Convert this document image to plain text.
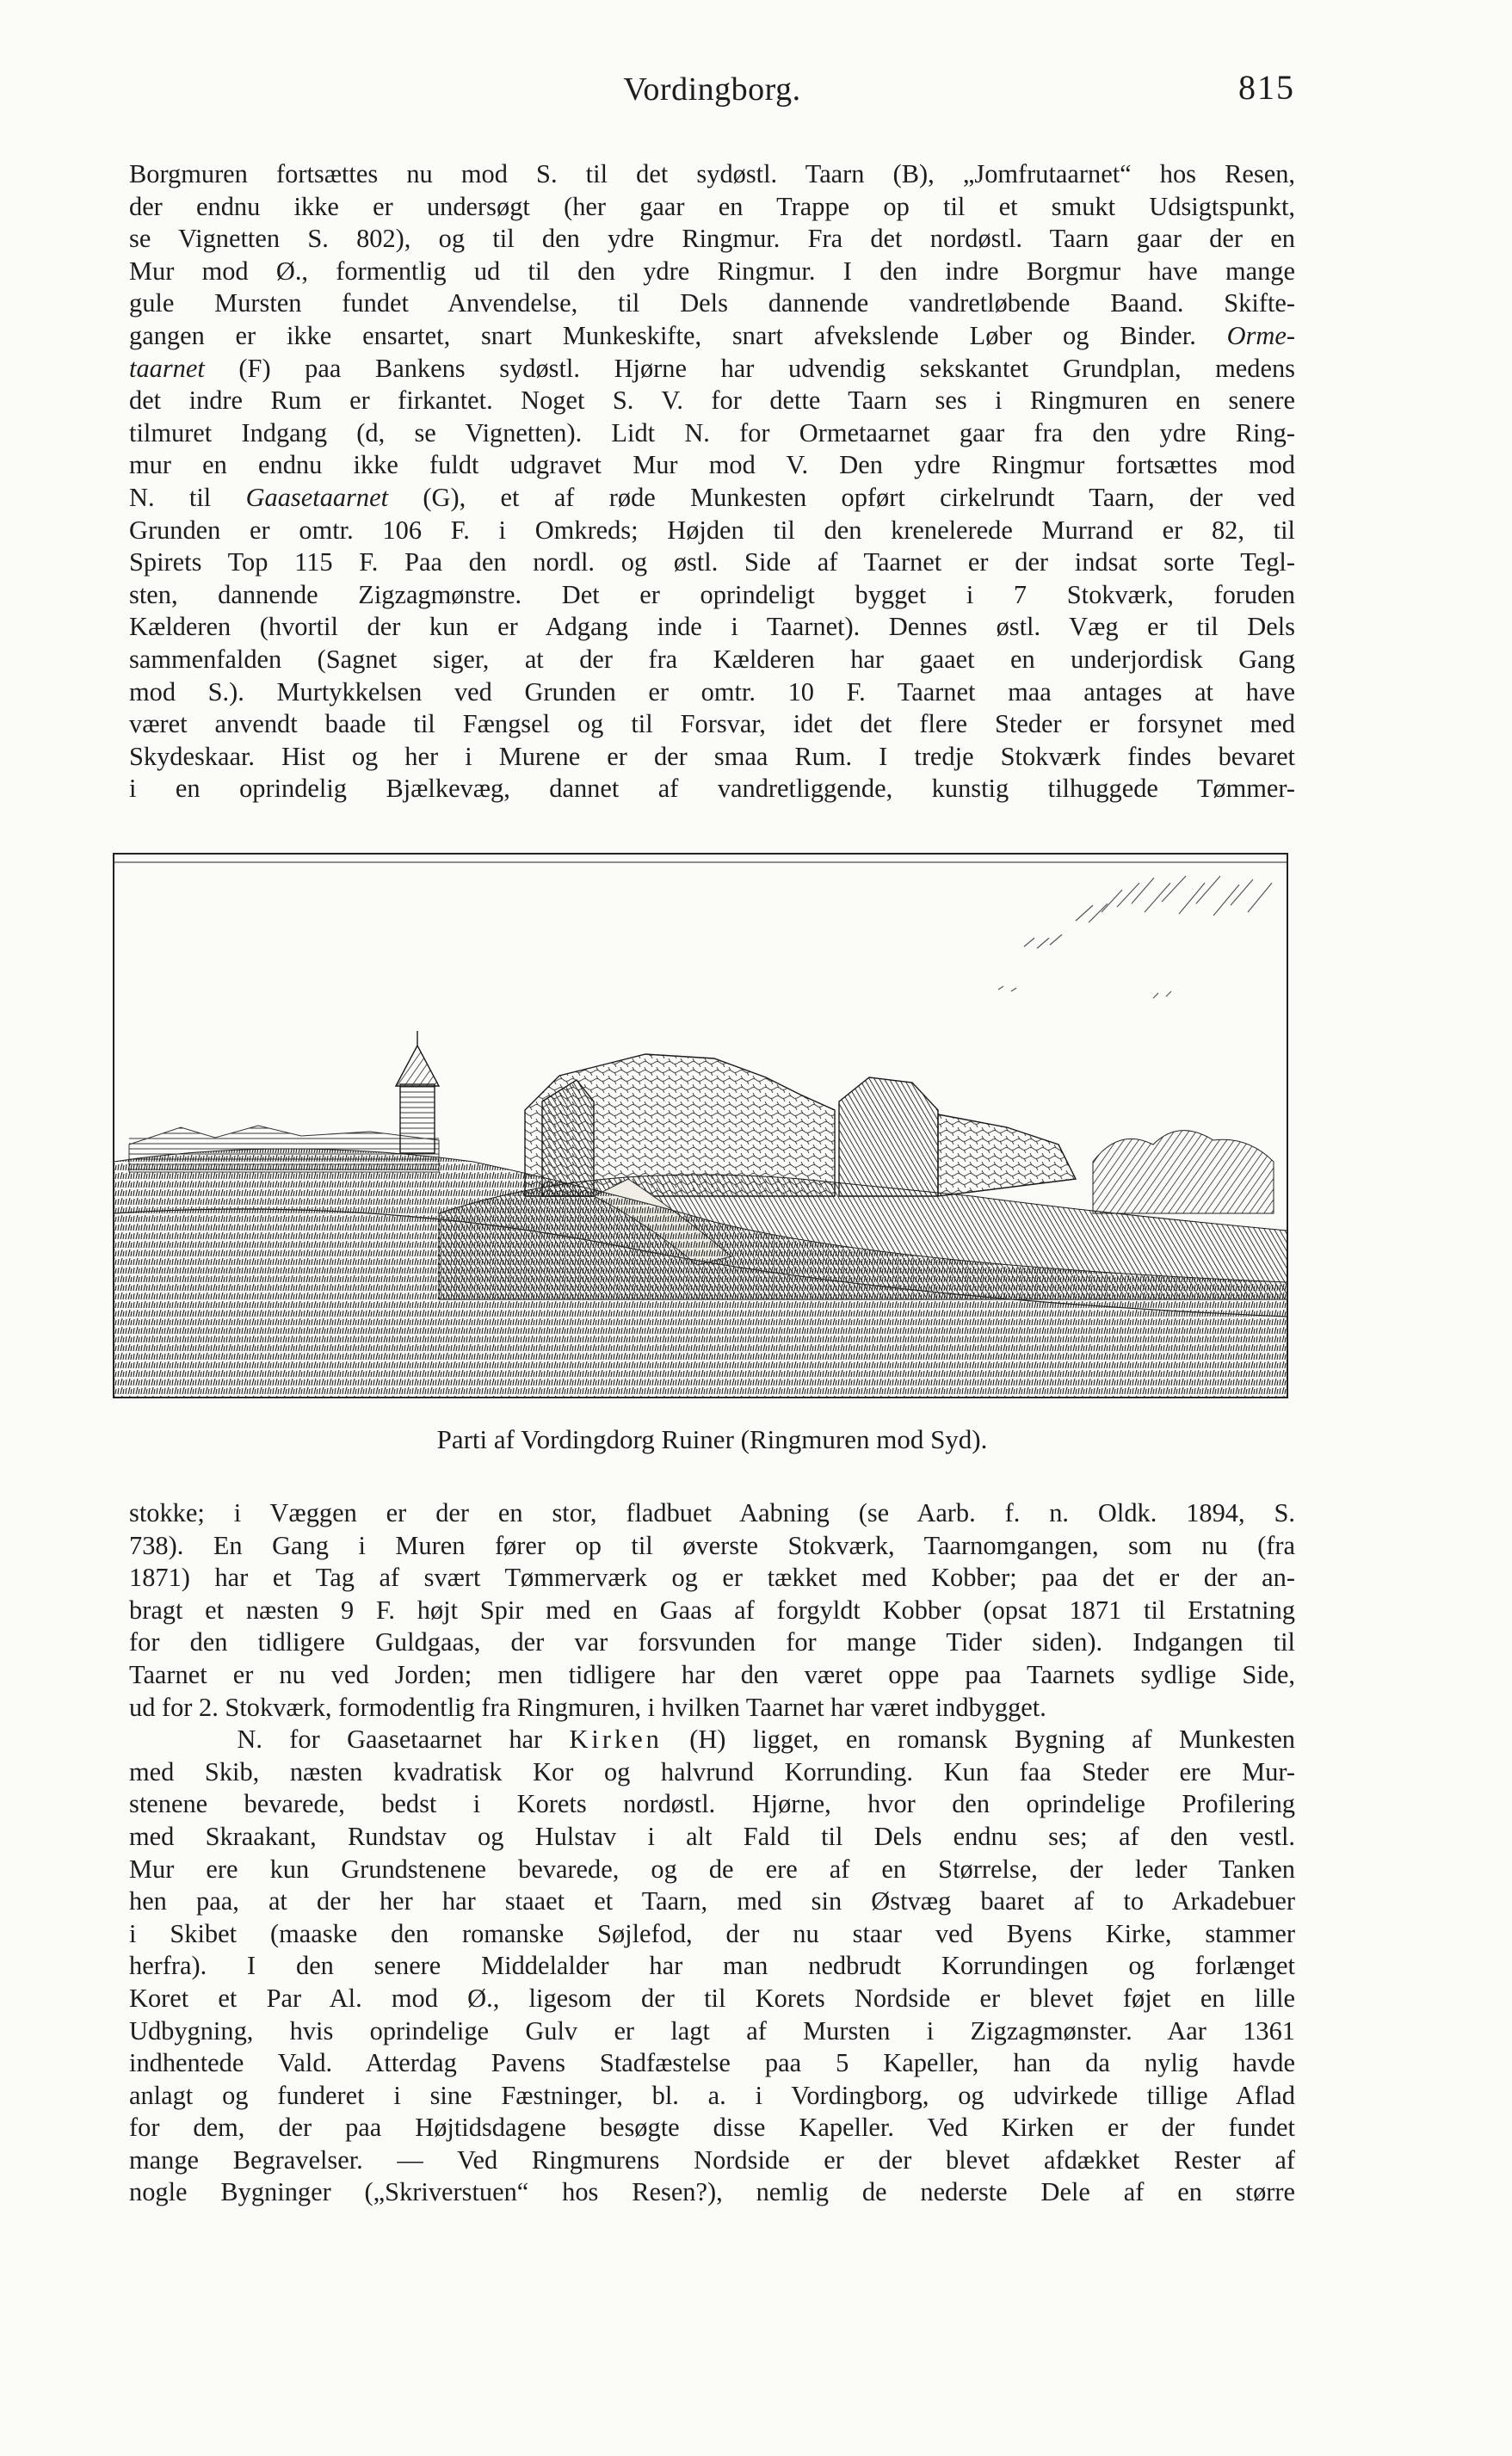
Vordingborg.	815
Borgmuren fortsættes nu mod S. til det sydøstl. Taarn (B), „Jomfrutaarnet“ hos Resen,
der endnu ikke er undersøgt (her gaar en Trappe op til et smukt Udsigtspunkt,
se Vignetten S. 802), og til den ydre Ringmur. Fra det nordøstl. Taarn gaar der en
Mur mod Ø., formentlig ud til den ydre Ringmur. I den indre Borgmur have mange
gule Mursten fundet Anvendelse, til Dels dannende vandretløbende Baand. Skifte-
gangen er ikke ensartet, snart Munkeskifte, snart afvekslende Løber og Binder. Orme-
taarnet (F) paa Bankens sydøstl. Hjørne har udvendig sekskantet Grundplan, medens
det indre Rum er firkantet. Noget S. V. for dette Taarn ses i Ringmuren en senere
tilmuret Indgang (d, se Vignetten). Lidt N. for Ormetaarnet gaar fra den ydre Ring-
mur en endnu ikke fuldt udgravet Mur mod V. Den ydre Ringmur fortsættes mod
N. til Gaasetaarnet (G), et af røde Munkesten opført cirkelrundt Taarn, der ved
Grunden er omtr. 106 F. i Omkreds; Højden til den krenelerede Murrand er 82, til
Spirets Top 115 F. Paa den nordl. og østl. Side af Taarnet er der indsat sorte Tegl-
sten, dannende Zigzagmønstre. Det er oprindeligt bygget i 7 Stokværk, foruden
Kælderen (hvortil der kun er Adgang inde i Taarnet). Dennes østl. Væg er til Dels
sammenfalden (Sagnet siger, at der fra Kælderen har gaaet en underjordisk Gang
mod S.). Murtykkelsen ved Grunden er omtr. 10 F. Taarnet maa antages at have
været anvendt baade til Fængsel og til Forsvar, idet det flere Steder er forsynet med
Skydeskaar. Hist og her i Murene er der smaa Rum. I tredje Stokværk findes bevaret
i en oprindelig Bjælkevæg, dannet af vandretliggende, kunstig tilhuggede Tømmer-
Parti af Vordingdorg Ruiner (Ringmuren mod Syd).
stokke; i Væggen er der en stor, fladbuet Aabning (se Aarb. f. n. Oldk. 1894, S.
738). En Gang i Muren fører op til øverste Stokværk, Taarnomgangen, som nu (fra
1871) har et Tag af svært Tømmerværk og er tækket med Kobber; paa det er der an-
bragt et næsten 9 F. højt Spir med en Gaas af forgyldt Kobber (opsat 1871 til Erstatning
for den tidligere Guldgaas, der var forsvunden for mange Tider siden). Indgangen til
Taarnet er nu ved Jorden; men tidligere har den været oppe paa Taarnets sydlige Side,
ud for 2. Stokværk, formodentlig fra Ringmuren, i hvilken Taarnet har været indbygget.
N. for Gaasetaarnet har Kirken (H) ligget, en romansk Bygning af Munkesten
med Skib, næsten kvadratisk Kor og halvrund Korrunding. Kun faa Steder ere Mur-
stenene bevarede, bedst i Korets nordøstl. Hjørne, hvor den oprindelige Profilering
med Skraakant, Rundstav og Hulstav i alt Fald til Dels endnu ses; af den vestl.
Mur ere kun Grundstenene bevarede, og de ere af en Størrelse, der leder Tanken
hen paa, at der her har staaet et Taarn, med sin Østvæg baaret af to Arkadebuer
i Skibet (maaske den romanske Søjlefod, der nu staar ved Byens Kirke, stammer
herfra). I den senere Middelalder har man nedbrudt Korrundingen og forlænget
Koret et Par Al. mod Ø., ligesom der til Korets Nordside er blevet føjet en lille
Udbygning, hvis oprindelige Gulv er lagt af Mursten i Zigzagmønster. Aar 1361
indhentede Vald. Atterdag Pavens Stadfæstelse paa 5 Kapeller, han da nylig havde
anlagt og funderet i sine Fæstninger, bl. a. i Vordingborg, og udvirkede tillige Aflad
for dem, der paa Højtidsdagene besøgte disse Kapeller. Ved Kirken er der fundet
mange Begravelser. — Ved Ringmurens Nordside er der blevet afdækket Rester af
nogle Bygninger („Skriverstuen“ hos Resen?), nemlig de nederste Dele af en større
